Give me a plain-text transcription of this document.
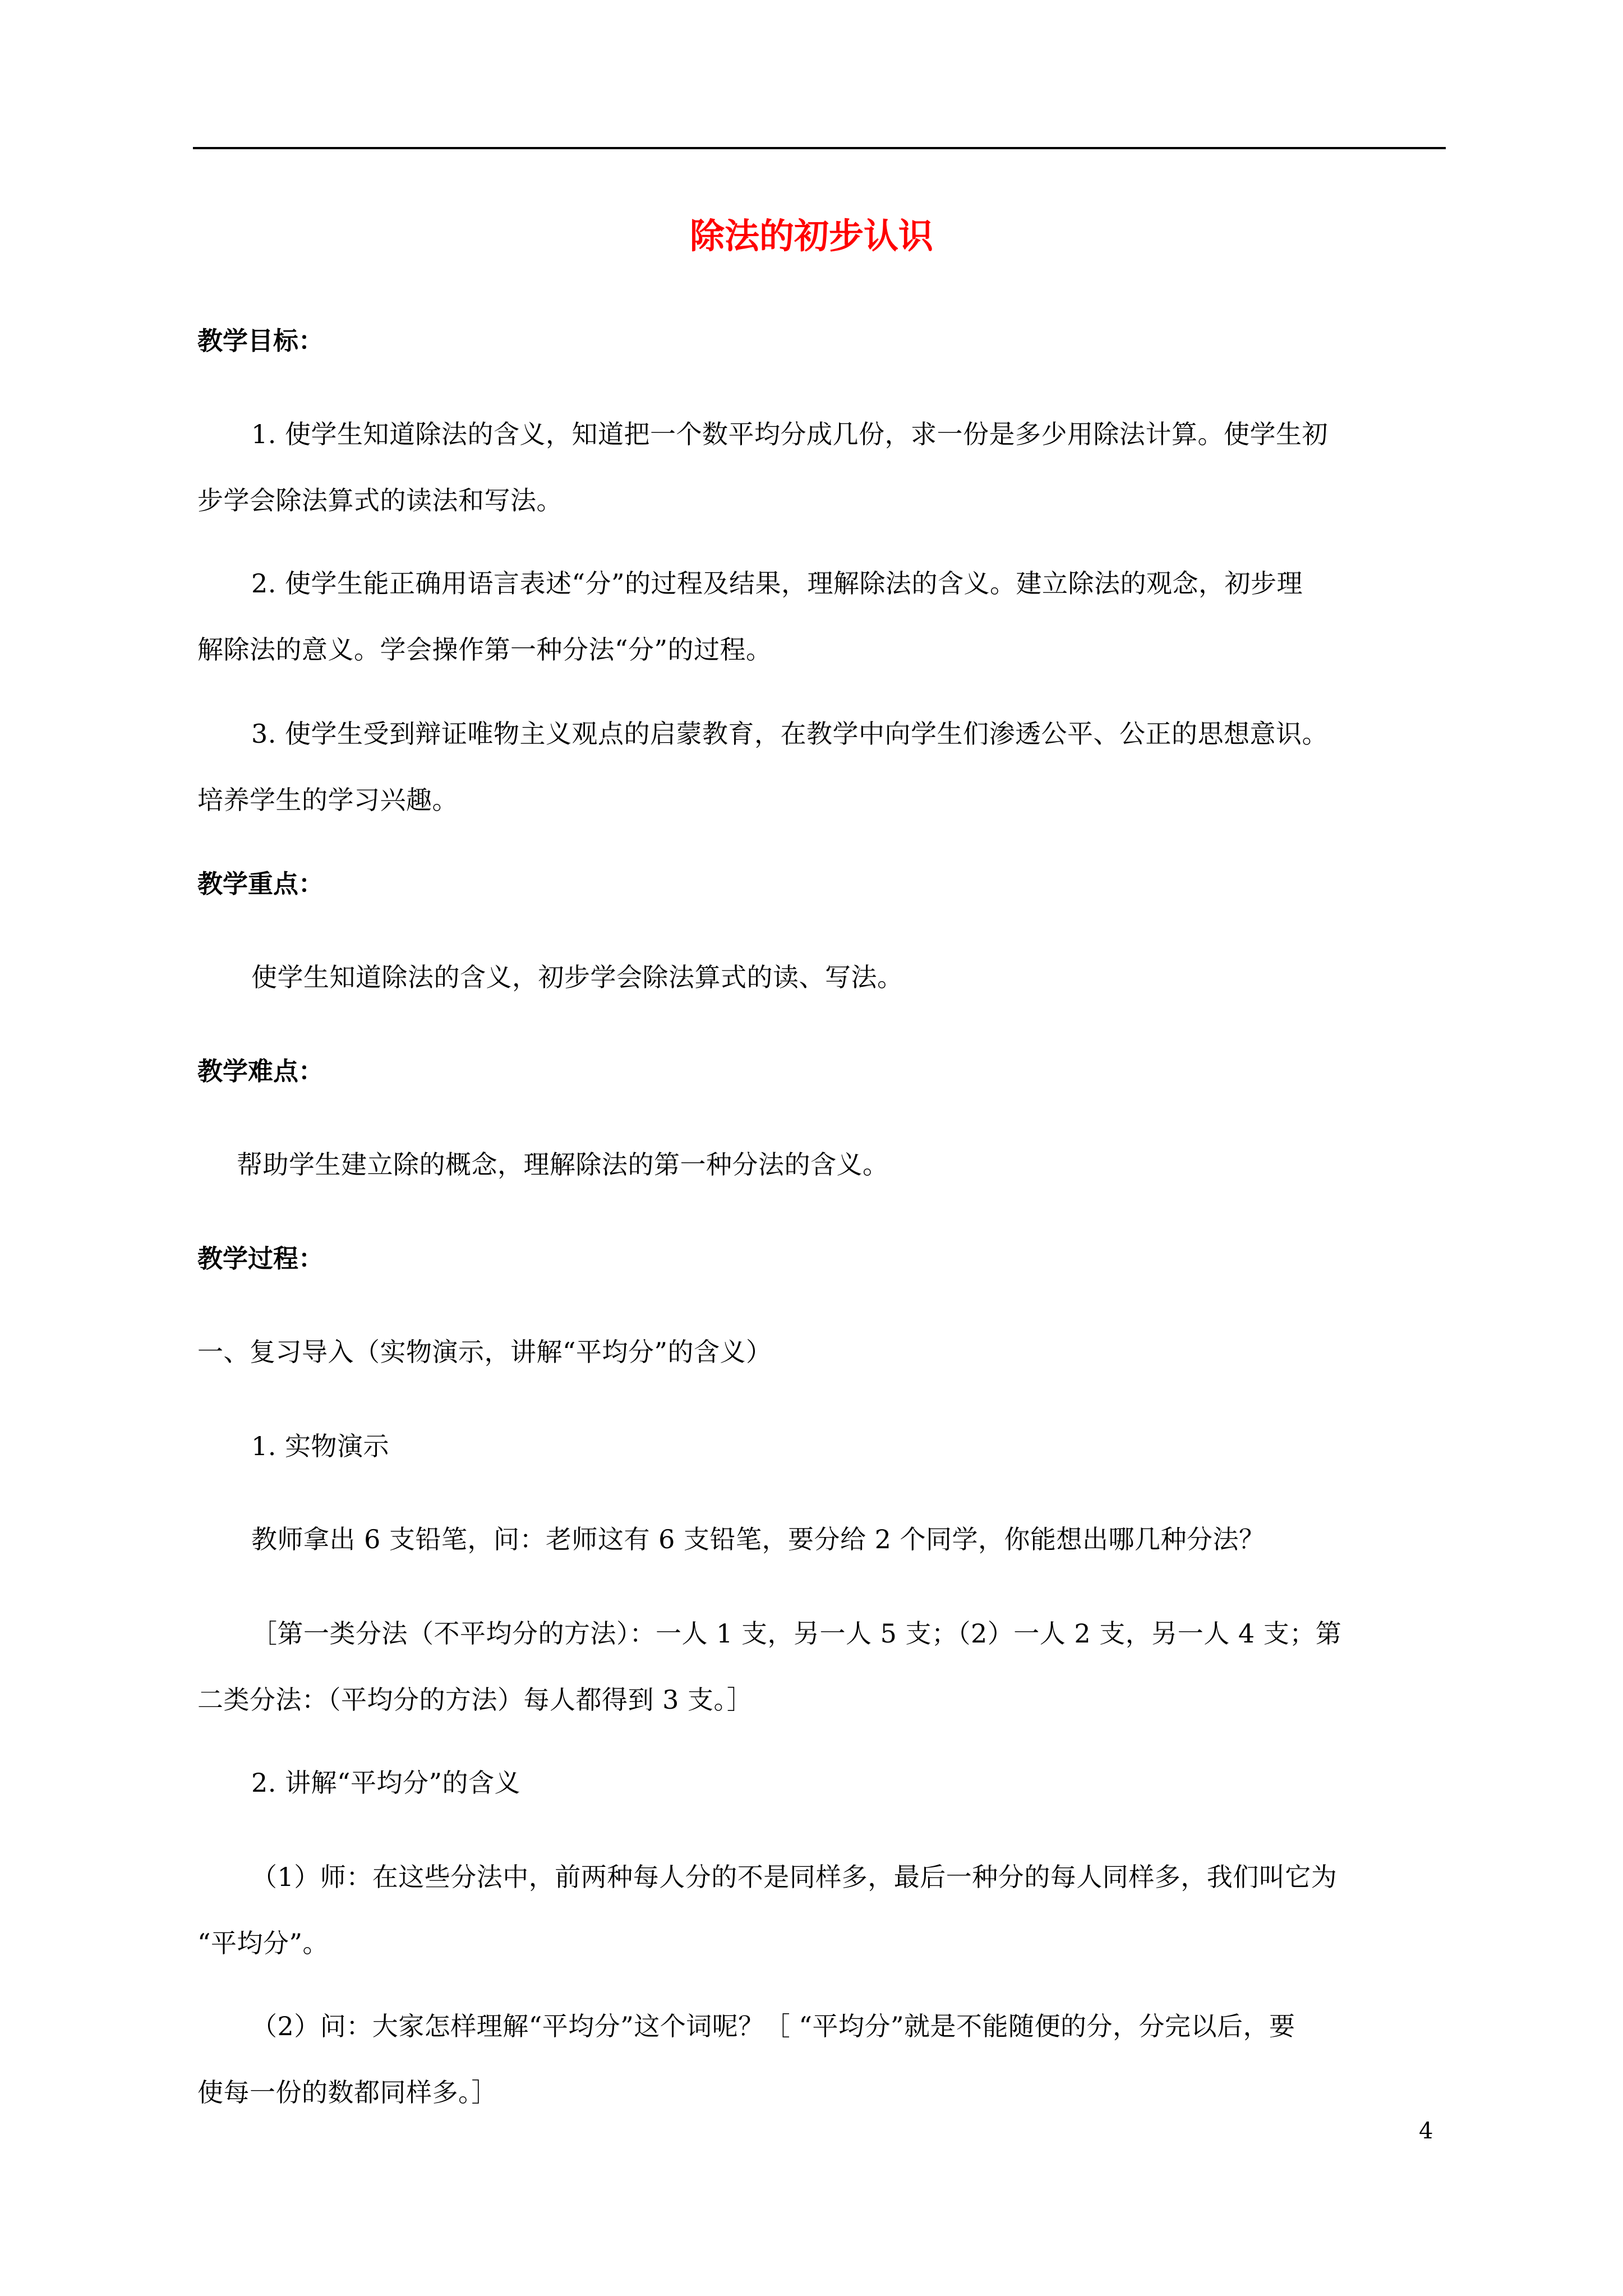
除法的初步认识
教学目标：
1. 使学生知道除法的含义，知道把一个数平均分成几份，求一份是多少用除法计算。使学生初
步学会除法算式的读法和写法。
2. 使学生能正确用语言表述“分”的过程及结果，理解除法的含义。建立除法的观念，初步理
解除法的意义。学会操作第一种分法“分”的过程。
3. 使学生受到辩证唯物主义观点的启蒙教育，在教学中向学生们渗透公平、公正的思想意识。
培养学生的学习兴趣。
教学重点：
使学生知道除法的含义，初步学会除法算式的读、写法。
教学难点：
帮助学生建立除的概念，理解除法的第一种分法的含义。
教学过程：
一、复习导入（实物演示，讲解“平均分”的含义）
1. 实物演示
教师拿出 6 支铅笔，问：老师这有 6 支铅笔，要分给 2 个同学，你能想出哪几种分法？
［第一类分法（不平均分的方法）：一人 1 支，另一人 5 支；（2）一人 2 支，另一人 4 支；第
二类分法：（平均分的方法）每人都得到 3 支。］
2. 讲解“平均分”的含义
（1）师：在这些分法中，前两种每人分的不是同样多，最后一种分的每人同样多，我们叫它为
“平均分”。
（2）问：大家怎样理解“平均分”这个词呢？［ “平均分”就是不能随便的分，分完以后，要
使每一份的数都同样多。］
4
